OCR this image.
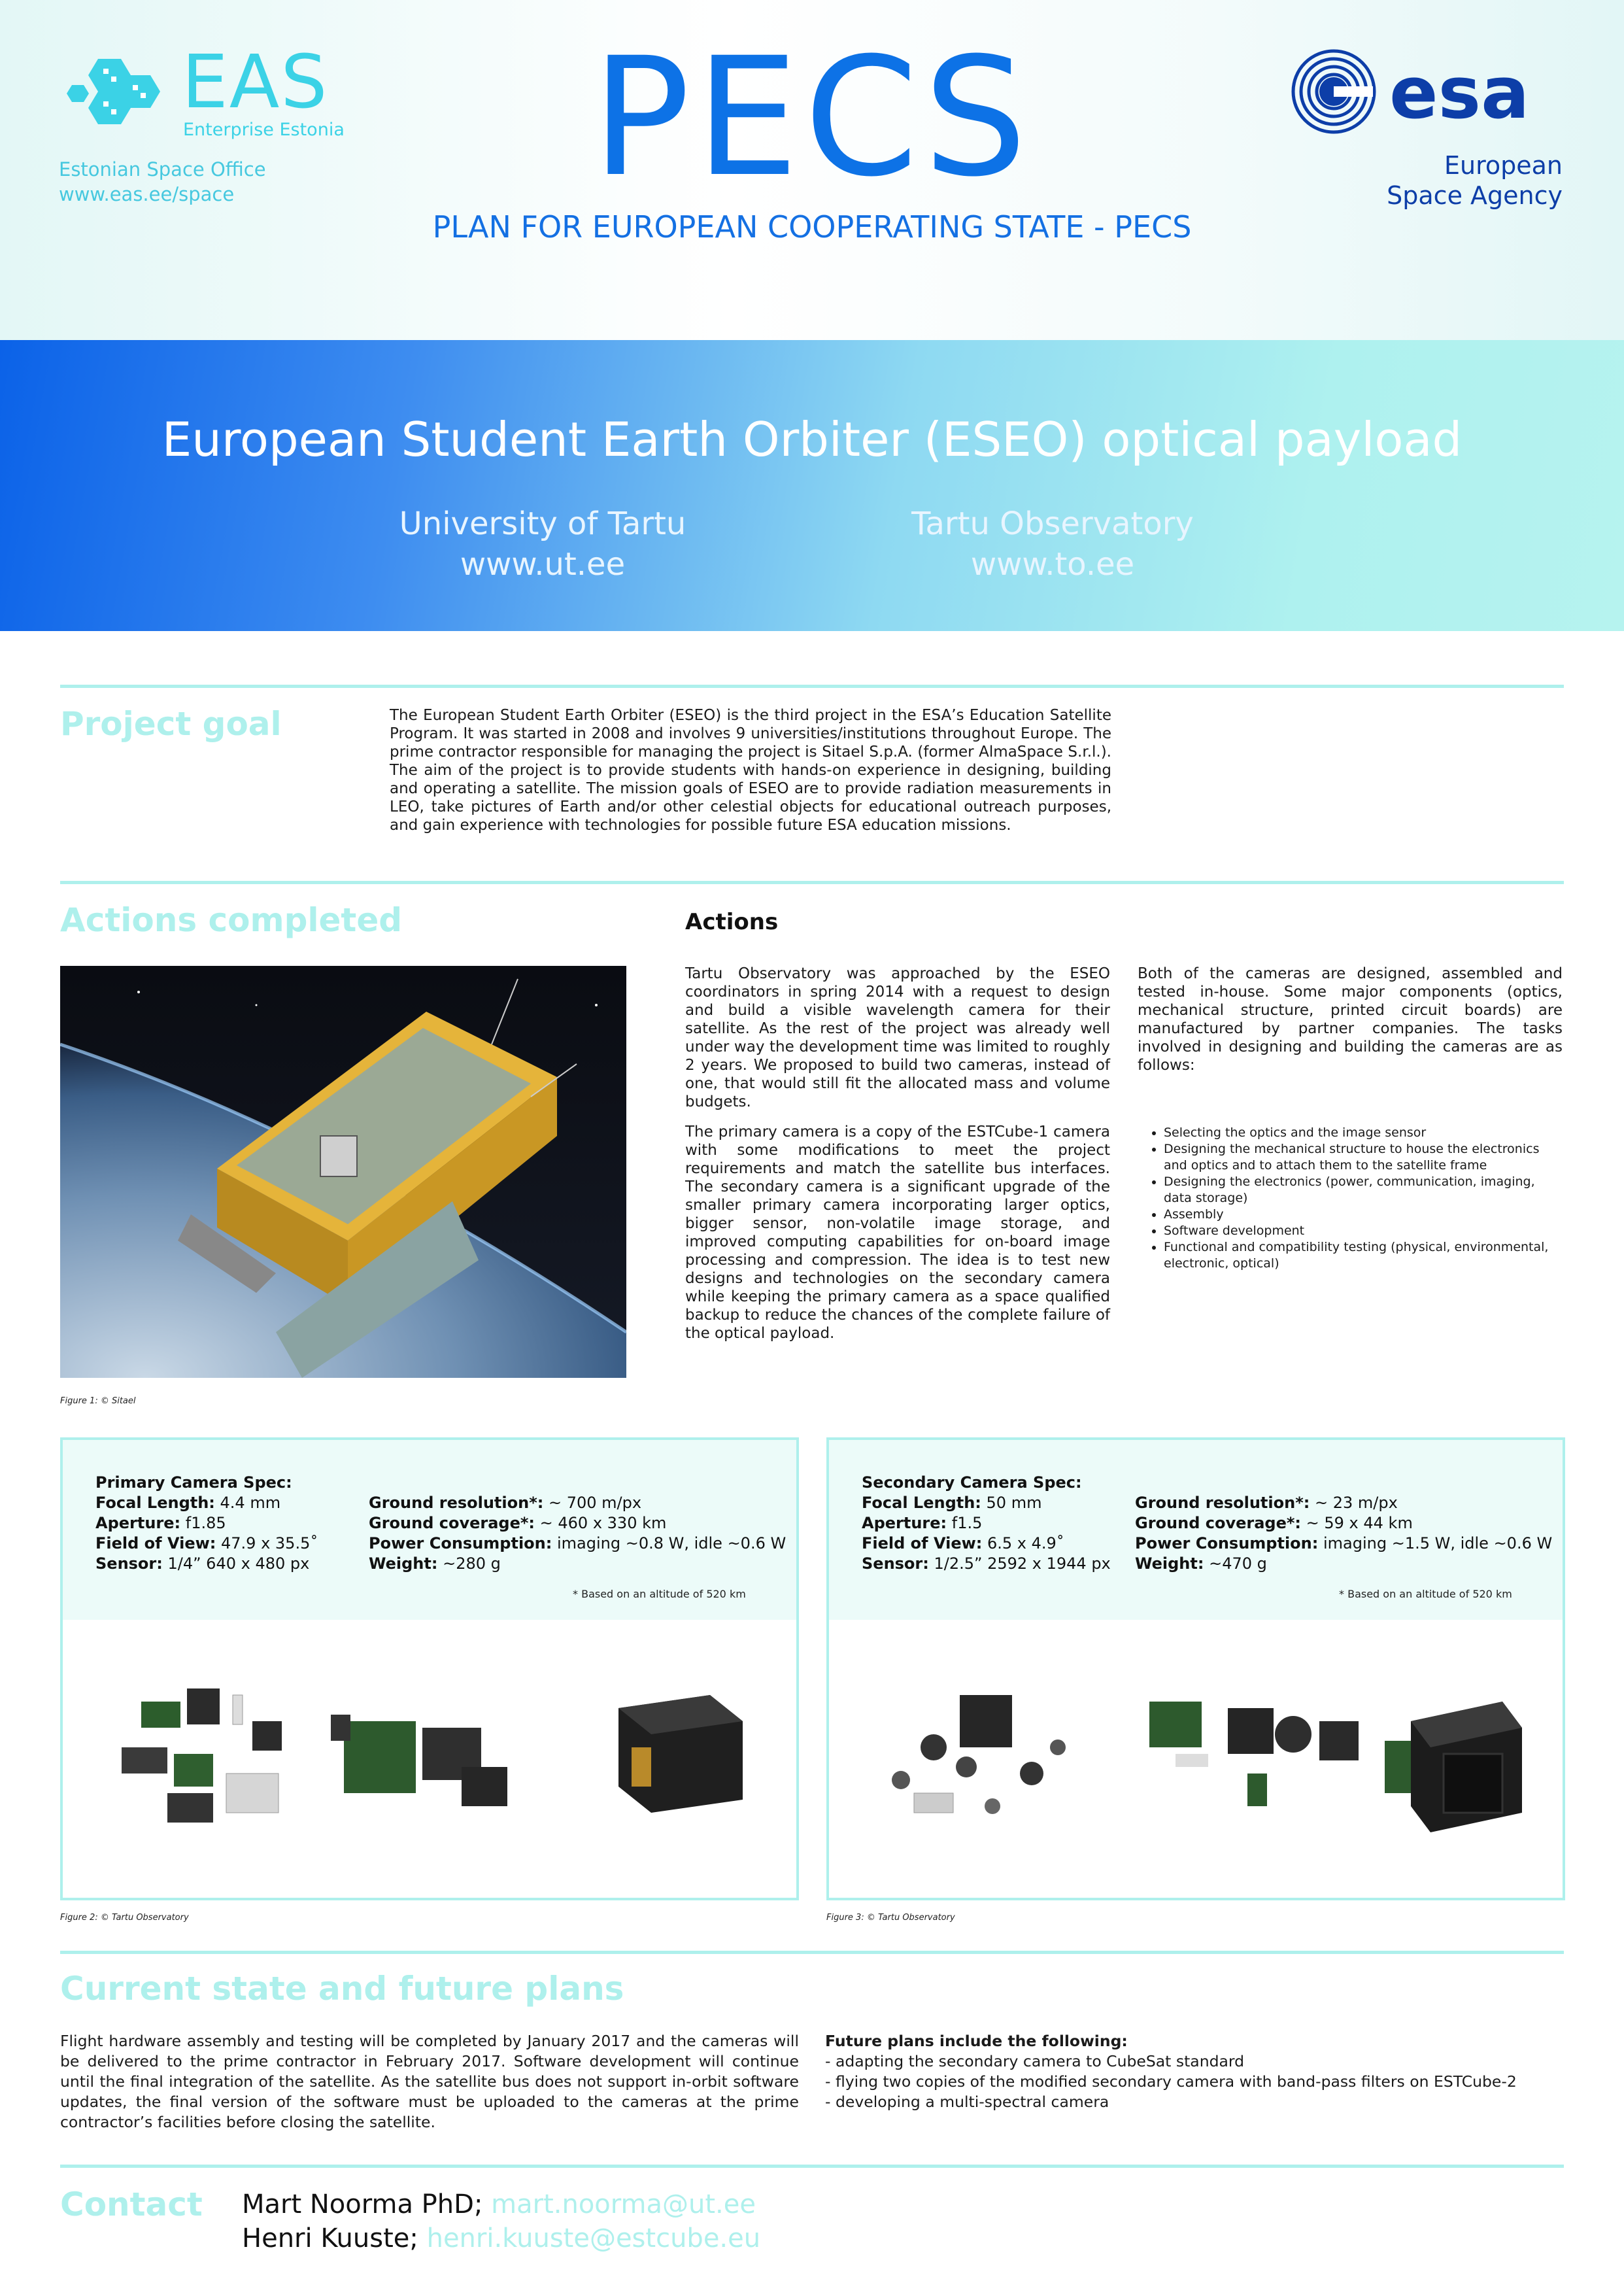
EAS
Enterprise Estonia
Estonian Space Office
www.eas.ee/space	PECS
PLAN FOR EUROPEAN COOPERATING STATE - PECS
esa
European
Space Agency
European Student Earth Orbiter (ESEO) optical payload
University of Tartu
www.ut.ee
Tartu Observatory
www.to.ee
Project goal	The European Student Earth Orbiter (ESEO) is the third project in the ESA’s Education Satellite Program. It was started in 2008 and involves 9 universities/institutions throughout Europe. The prime contractor responsible for managing the project is Sitael S.p.A. (former AlmaSpace S.r.l.). The aim of the project is to provide students with hands-on experience in designing, building and operating a satellite. The mission goals of ESEO are to provide radiation measurements in LEO, take pictures of Earth and/or other celestial objects for educational outreach purposes, and gain experience with technologies for possible future ESA education missions.
Actions completed
Figure 1: © Sitael
Actions
Tartu Observatory was approached by the ESEO coordinators in spring 2014 with a request to design and build a visible wavelength camera for their satellite. As the rest of the project was already well under way the development time was limited to roughly 2 years. We proposed to build two cameras, instead of one, that would still fit the allocated mass and volume budgets.
The primary camera is a copy of the ESTCube-1 camera with some modifications to meet the project requirements and match the satellite bus interfaces. The secondary camera is a significant upgrade of the smaller primary camera incorporating larger optics, bigger sensor, non-volatile image storage, and improved computing capabilities for on-board image processing and compression. The idea is to test new designs and technologies on the secondary camera while keeping the primary camera as a space qualified backup to reduce the chances of the complete failure of the optical payload.
Both of the cameras are designed, assembled and tested in-house. Some major components (optics, mechanical structure, printed circuit boards) are manufactured by partner companies. The tasks involved in designing and building the cameras are as follows:
• Selecting the optics and the image sensor
• Designing the mechanical structure to house the electronics and optics and to attach them to the satellite frame
• Designing the electronics (power, communication, imaging, data storage)
• Assembly
• Software development
• Functional and compatibility testing (physical, environmental, electronic, optical)
Primary Camera Spec:
Focal Length: 4.4 mm
Aperture: f1.85
Field of View: 47.9 x 35.5˚
Sensor: 1/4” 640 x 480 px
Ground resolution*: ~ 700 m/px
Ground coverage*: ~ 460 x 330 km
Power Consumption: imaging ~0.8 W, idle ~0.6 W
Weight: ~280 g
* Based on an altitude of 520 km
Figure 2: © Tartu Observatory
Secondary Camera Spec:
Focal Length: 50 mm
Aperture: f1.5
Field of View: 6.5 x 4.9˚
Sensor: 1/2.5” 2592 x 1944 px
Ground resolution*: ~ 23 m/px
Ground coverage*: ~ 59 x 44 km
Power Consumption: imaging ~1.5 W, idle ~0.6 W
Weight: ~470 g
* Based on an altitude of 520 km
Figure 3: © Tartu Observatory
Current state and future plans
Flight hardware assembly and testing will be completed by January 2017 and the cameras will be delivered to the prime contractor in February 2017. Software development will continue until the final integration of the satellite. As the satellite bus does not support in-orbit software updates, the final version of the software must be uploaded to the cameras at the prime contractor’s facilities before closing the satellite.
Future plans include the following:
- adapting the secondary camera to CubeSat standard
- flying two copies of the modified secondary camera with band-pass filters on ESTCube-2
- developing a multi-spectral camera
Contact Mart Noorma PhD; mart.noorma@ut.ee
Henri Kuuste; henri.kuuste@estcube.eu
